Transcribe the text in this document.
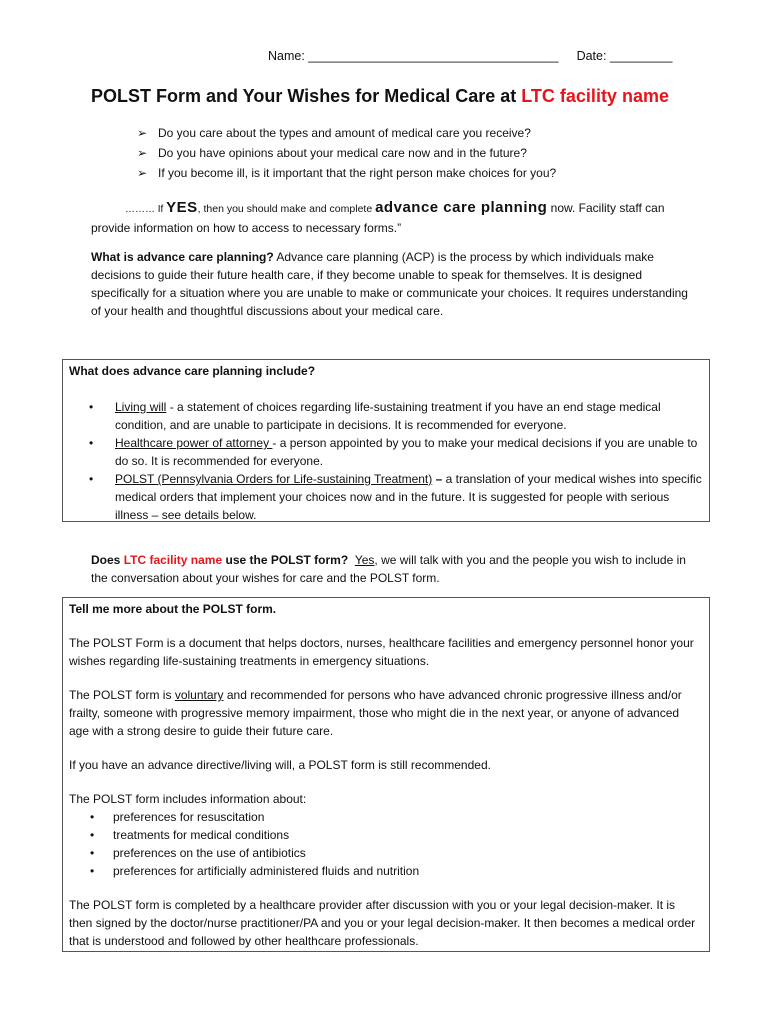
Name: ____________________________________ Date: _________
POLST Form and Your Wishes for Medical Care at LTC facility name
➢ Do you care about the types and amount of medical care you receive?
➢ Do you have opinions about your medical care now and in the future?
➢ If you become ill, is it important that the right person make choices for you?
……… If YES, then you should make and complete advance care planning now. Facility staff can provide information on how to access to necessary forms.”
What is advance care planning? Advance care planning (ACP) is the process by which individuals make decisions to guide their future health care, if they become unable to speak for themselves. It is designed specifically for a situation where you are unable to make or communicate your choices. It requires understanding of your health and thoughtful discussions about your medical care.
What does advance care planning include?
• Living will - a statement of choices regarding life-sustaining treatment if you have an end stage medical condition, and are unable to participate in decisions. It is recommended for everyone.
• Healthcare power of attorney - a person appointed by you to make your medical decisions if you are unable to do so. It is recommended for everyone.
• POLST (Pennsylvania Orders for Life-sustaining Treatment) – a translation of your medical wishes into specific medical orders that implement your choices now and in the future. It is suggested for people with serious illness – see details below.
Does LTC facility name use the POLST form? Yes, we will talk with you and the people you wish to include in the conversation about your wishes for care and the POLST form.

Tell me more about the POLST form.

The POLST Form is a document that helps doctors, nurses, healthcare facilities and emergency personnel honor your wishes regarding life-sustaining treatments in emergency situations.

The POLST form is voluntary and recommended for persons who have advanced chronic progressive illness and/or frailty, someone with progressive memory impairment, those who might die in the next year, or anyone of advanced age with a strong desire to guide their future care.

If you have an advance directive/living will, a POLST form is still recommended.

The POLST form includes information about:
• preferences for resuscitation
• treatments for medical conditions
• preferences on the use of antibiotics
• preferences for artificially administered fluids and nutrition

The POLST form is completed by a healthcare provider after discussion with you or your legal decision-maker. It is then signed by the doctor/nurse practitioner/PA and you or your legal decision-maker. It then becomes a medical order that is understood and followed by other healthcare professionals.
